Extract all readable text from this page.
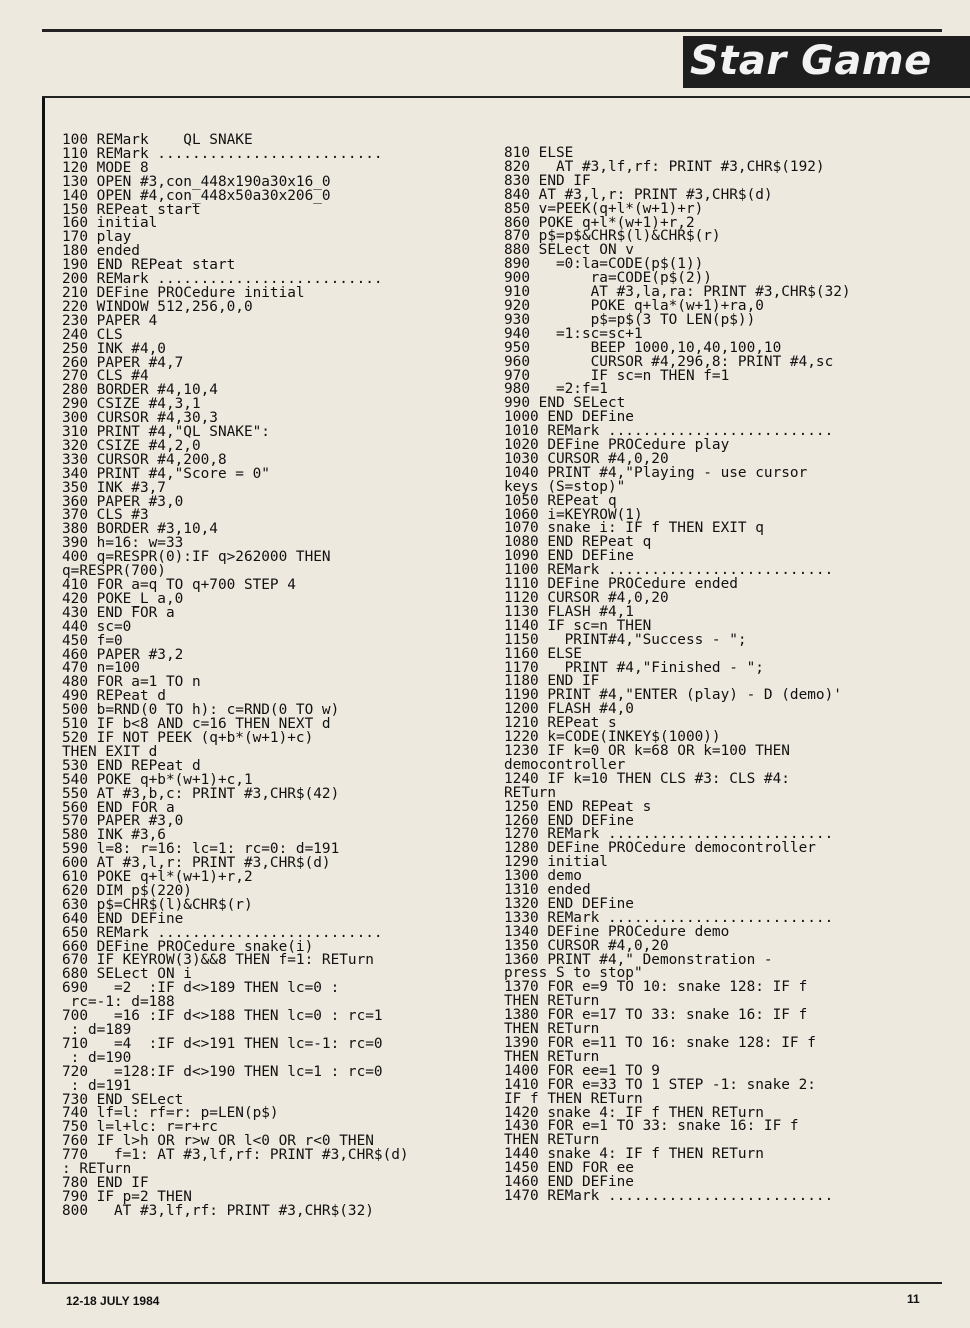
Star Game
100 REMark    QL SNAKE
110 REMark ..........................
120 MODE 8
130 OPEN #3,con_448x190a30x16_0
140 OPEN #4,con_448x50a30x206_0
150 REPeat start
160 initial
170 play
180 ended
190 END REPeat start
200 REMark ..........................
210 DEFine PROCedure initial
220 WINDOW 512,256,0,0
230 PAPER 4
240 CLS
250 INK #4,0
260 PAPER #4,7
270 CLS #4
280 BORDER #4,10,4
290 CSIZE #4,3,1
300 CURSOR #4,30,3
310 PRINT #4,"QL SNAKE":
320 CSIZE #4,2,0
330 CURSOR #4,200,8
340 PRINT #4,"Score = 0"
350 INK #3,7
360 PAPER #3,0
370 CLS #3
380 BORDER #3,10,4
390 h=16: w=33
400 q=RESPR(0):IF q>262000 THEN
q=RESPR(700)
410 FOR a=q TO q+700 STEP 4
420 POKE_L a,0
430 END FOR a
440 sc=0
450 f=0
460 PAPER #3,2
470 n=100
480 FOR a=1 TO n
490 REPeat d
500 b=RND(0 TO h): c=RND(0 TO w)
510 IF b<8 AND c=16 THEN NEXT d
520 IF NOT PEEK (q+b*(w+1)+c)
THEN EXIT d
530 END REPeat d
540 POKE q+b*(w+1)+c,1
550 AT #3,b,c: PRINT #3,CHR$(42)
560 END FOR a
570 PAPER #3,0
580 INK #3,6
590 l=8: r=16: lc=1: rc=0: d=191
600 AT #3,l,r: PRINT #3,CHR$(d)
610 POKE q+l*(w+1)+r,2
620 DIM p$(220)
630 p$=CHR$(l)&CHR$(r)
640 END DEFine
650 REMark ..........................
660 DEFine PROCedure snake(i)
670 IF KEYROW(3)&&8 THEN f=1: RETurn
680 SELect ON i
690   =2  :IF d<>189 THEN lc=0 :
rc=-1: d=188
700   =16 :IF d<>188 THEN lc=0 : rc=1
: d=189
710   =4  :IF d<>191 THEN lc=-1: rc=0
: d=190
720   =128:IF d<>190 THEN lc=1 : rc=0
: d=191
730 END SELect
740 lf=l: rf=r: p=LEN(p$)
750 l=l+lc: r=r+rc
760 IF l>h OR r>w OR l<0 OR r<0 THEN
770   f=1: AT #3,lf,rf: PRINT #3,CHR$(d)
: RETurn
780 END IF
790 IF p=2 THEN
800   AT #3,lf,rf: PRINT #3,CHR$(32)
810 ELSE
820   AT #3,lf,rf: PRINT #3,CHR$(192)
830 END IF
840 AT #3,l,r: PRINT #3,CHR$(d)
850 v=PEEK(q+l*(w+1)+r)
860 POKE q+l*(w+1)+r,2
870 p$=p$&CHR$(l)&CHR$(r)
880 SELect ON v
890   =0:la=CODE(p$(1))
900       ra=CODE(p$(2))
910       AT #3,la,ra: PRINT #3,CHR$(32)
920       POKE q+la*(w+1)+ra,0
930       p$=p$(3 TO LEN(p$))
940   =1:sc=sc+1
950       BEEP 1000,10,40,100,10
960       CURSOR #4,296,8: PRINT #4,sc
970       IF sc=n THEN f=1
980   =2:f=1
990 END SELect
1000 END DEFine
1010 REMark ..........................
1020 DEFine PROCedure play
1030 CURSOR #4,0,20
1040 PRINT #4,"Playing - use cursor
keys (S=stop)"
1050 REPeat q
1060 i=KEYROW(1)
1070 snake i: IF f THEN EXIT q
1080 END REPeat q
1090 END DEFine
1100 REMark ..........................
1110 DEFine PROCedure ended
1120 CURSOR #4,0,20
1130 FLASH #4,1
1140 IF sc=n THEN
1150   PRINT#4,"Success - ";
1160 ELSE
1170   PRINT #4,"Finished - ";
1180 END IF
1190 PRINT #4,"ENTER (play) - D (demo)'
1200 FLASH #4,0
1210 REPeat s
1220 k=CODE(INKEY$(1000))
1230 IF k=0 OR k=68 OR k=100 THEN
democontroller
1240 IF k=10 THEN CLS #3: CLS #4:
RETurn
1250 END REPeat s
1260 END DEFine
1270 REMark ..........................
1280 DEFine PROCedure democontroller
1290 initial
1300 demo
1310 ended
1320 END DEFine
1330 REMark ..........................
1340 DEFine PROCedure demo
1350 CURSOR #4,0,20
1360 PRINT #4," Demonstration -
press S to stop"
1370 FOR e=9 TO 10: snake 128: IF f
THEN RETurn
1380 FOR e=17 TO 33: snake 16: IF f
THEN RETurn
1390 FOR e=11 TO 16: snake 128: IF f
THEN RETurn
1400 FOR ee=1 TO 9
1410 FOR e=33 TO 1 STEP -1: snake 2:
IF f THEN RETurn
1420 snake 4: IF f THEN RETurn
1430 FOR e=1 TO 33: snake 16: IF f
THEN RETurn
1440 snake 4: IF f THEN RETurn
1450 END FOR ee
1460 END DEFine
1470 REMark ..........................
12-18 JULY 1984	11
